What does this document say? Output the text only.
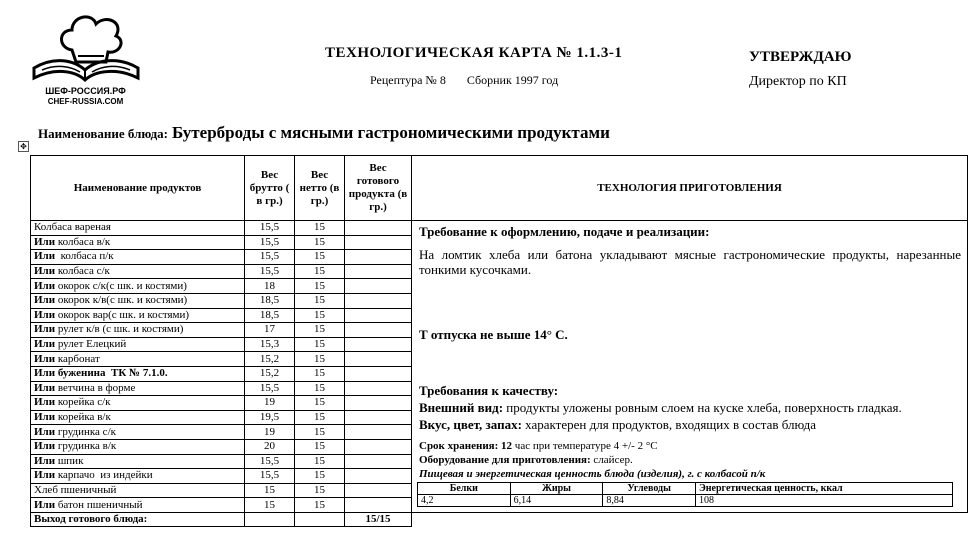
ШЕФ-РОССИЯ.РФ
CHEF-RUSSIA.COM
ТЕХНОЛОГИЧЕСКАЯ КАРТА № 1.1.3-1
Рецептура № 8 Сборник 1997 год
УТВЕРЖДАЮ
Директор по КП
Наименование блюда: Бутерброды с мясными гастрономическими продуктами
✥
Наименование продуктов	Вес брутто ( в гр.)	Вес нетто (в гр.)	Вес готового продукта (в гр.)	ТЕХНОЛОГИЯ ПРИГОТОВЛЕНИЯ
Колбаса вареная	15,5	15		Требование к оформлению, подаче и реализации:
На ломтик хлеба или батона укладывают мясные гастрономические продукты, нарезанные тонкими кусочками.
Т отпуска не выше 14° С.
Требования к качеству:
Внешний вид: продукты уложены ровным слоем на куске хлеба, поверхность гладкая.
Вкус, цвет, запах: характерен для продуктов, входящих в состав блюда
Срок хранения: 12 час при температуре 4 +/- 2 °С
Оборудование для приготовления: слайсер.
Пищевая и энергетическая ценность блюда (изделия), г. с колбасой п/к
Белки	Жиры	Углеводы	Энергетическая ценность, ккал
4,2	6,14	8,84	108

Или колбаса в/к	15,5	15	
Или  колбаса п/к	15,5	15	
Или колбаса с/к	15,5	15	
Или окорок с/к(с шк. и костями)	18	15	
Или окорок к/в(с шк. и костями)	18,5	15	
Или окорок вар(с шк. и костями)	18,5	15	
Или рулет к/в (с шк. и костями)	17	15	
Или рулет Елецкий	15,3	15	
Или карбонат	15,2	15	
Или буженина  ТК № 7.1.0.	15,2	15	
Или ветчина в форме	15,5	15	
Или корейка с/к	19	15	
Или корейка в/к	19,5	15	
Или грудинка с/к	19	15	
Или грудинка в/к	20	15	
Или шпик	15,5	15	
Или карпачо  из индейки	15,5	15	
Хлеб пшеничный	15	15	
Или батон пшеничный	15	15	
Выход готового блюда:			15/15
